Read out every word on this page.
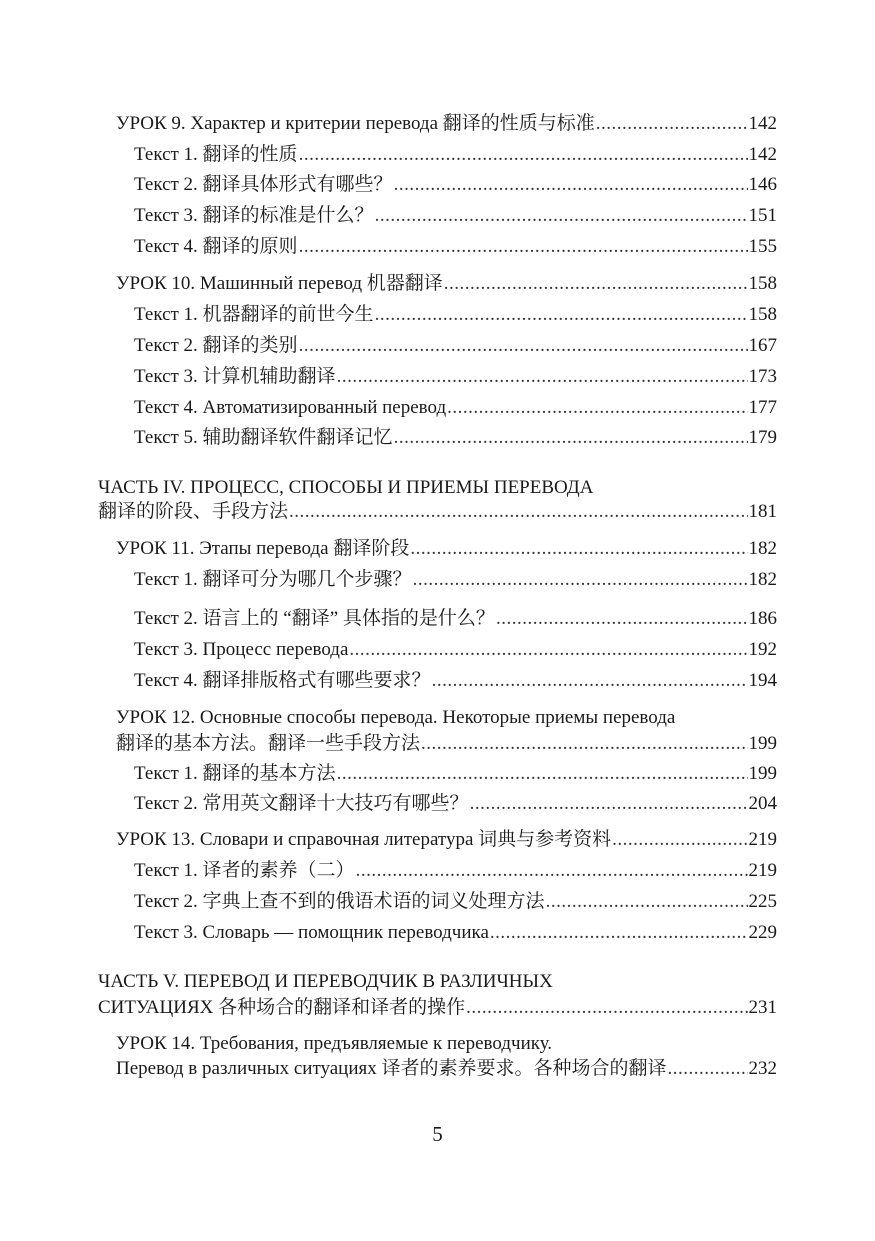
УРОК 9. Характер и критерии перевода 翻译的性质与标准 .....	142
Текст 1. 翻译的性质 .....	142
Текст 2. 翻译具体形式有哪些？ .....	146
Текст 3. 翻译的标准是什么？ .....	151
Текст 4. 翻译的原则 .....	155
УРОК 10. Машинный перевод 机器翻译 .....	158
Текст 1. 机器翻译的前世今生 .....	158
Текст 2. 翻译的类别 .....	167
Текст 3. 计算机辅助翻译 .....	173
Текст 4. Автоматизированный перевод .....	177
Текст 5. 辅助翻译软件翻译记忆 .....	179
ЧАСТЬ IV. ПРОЦЕСС, СПОСОБЫ И ПРИЕМЫ ПЕРЕВОДА
翻译的阶段、手段方法 .....	181
УРОК 11. Этапы перевода 翻译阶段 .....	182
Текст 1. 翻译可分为哪几个步骤？ .....	182
Текст 2. 语言上的 “翻译” 具体指的是什么？ .....	186
Текст 3. Процесс перевода .....	192
Текст 4. 翻译排版格式有哪些要求？ .....	194
УРОК 12. Основные способы перевода. Некоторые приемы перевода
翻译的基本方法。翻译一些手段方法 .....	199
Текст 1. 翻译的基本方法 .....	199
Текст 2. 常用英文翻译十大技巧有哪些？ .....	204
УРОК 13. Словари и справочная литература 词典与参考资料 .....	219
Текст 1. 译者的素养（二） .....	219
Текст 2. 字典上查不到的俄语术语的词义处理方法 .....	225
Текст 3. Словарь — помощник переводчика .....	229
ЧАСТЬ V. ПЕРЕВОД И ПЕРЕВОДЧИК В РАЗЛИЧНЫХ
СИТУАЦИЯХ 各种场合的翻译和译者的操作 .....	231
УРОК 14. Требования, предъявляемые к переводчику.
Перевод в различных ситуациях 译者的素养要求。各种场合的翻译 .....	232
5
